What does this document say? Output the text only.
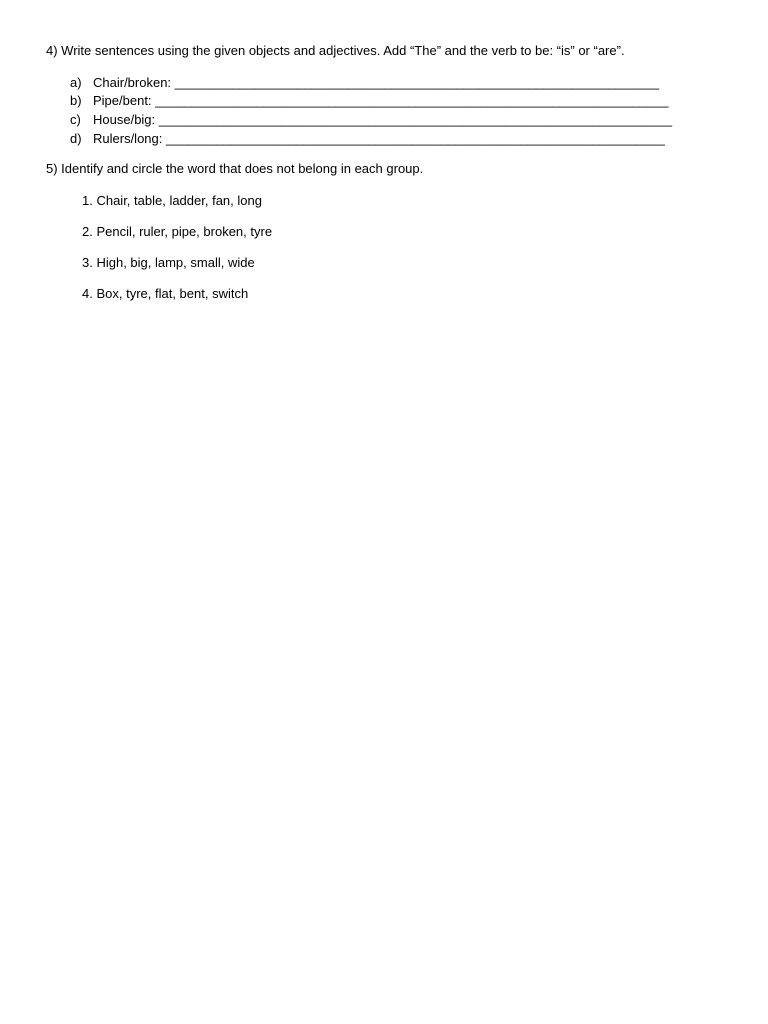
4) Write sentences using the given objects and adjectives. Add “The” and the verb to be: “is” or “are”.
a) Chair/broken: ___________________________________________________________________
b) Pipe/bent: _______________________________________________________________________
c) House/big: _______________________________________________________________________
d) Rulers/long: _____________________________________________________________________
5) Identify and circle the word that does not belong in each group.
1. Chair, table, ladder, fan, long
2. Pencil, ruler, pipe, broken, tyre
3. High, big, lamp, small, wide
4. Box, tyre, flat, bent, switch
